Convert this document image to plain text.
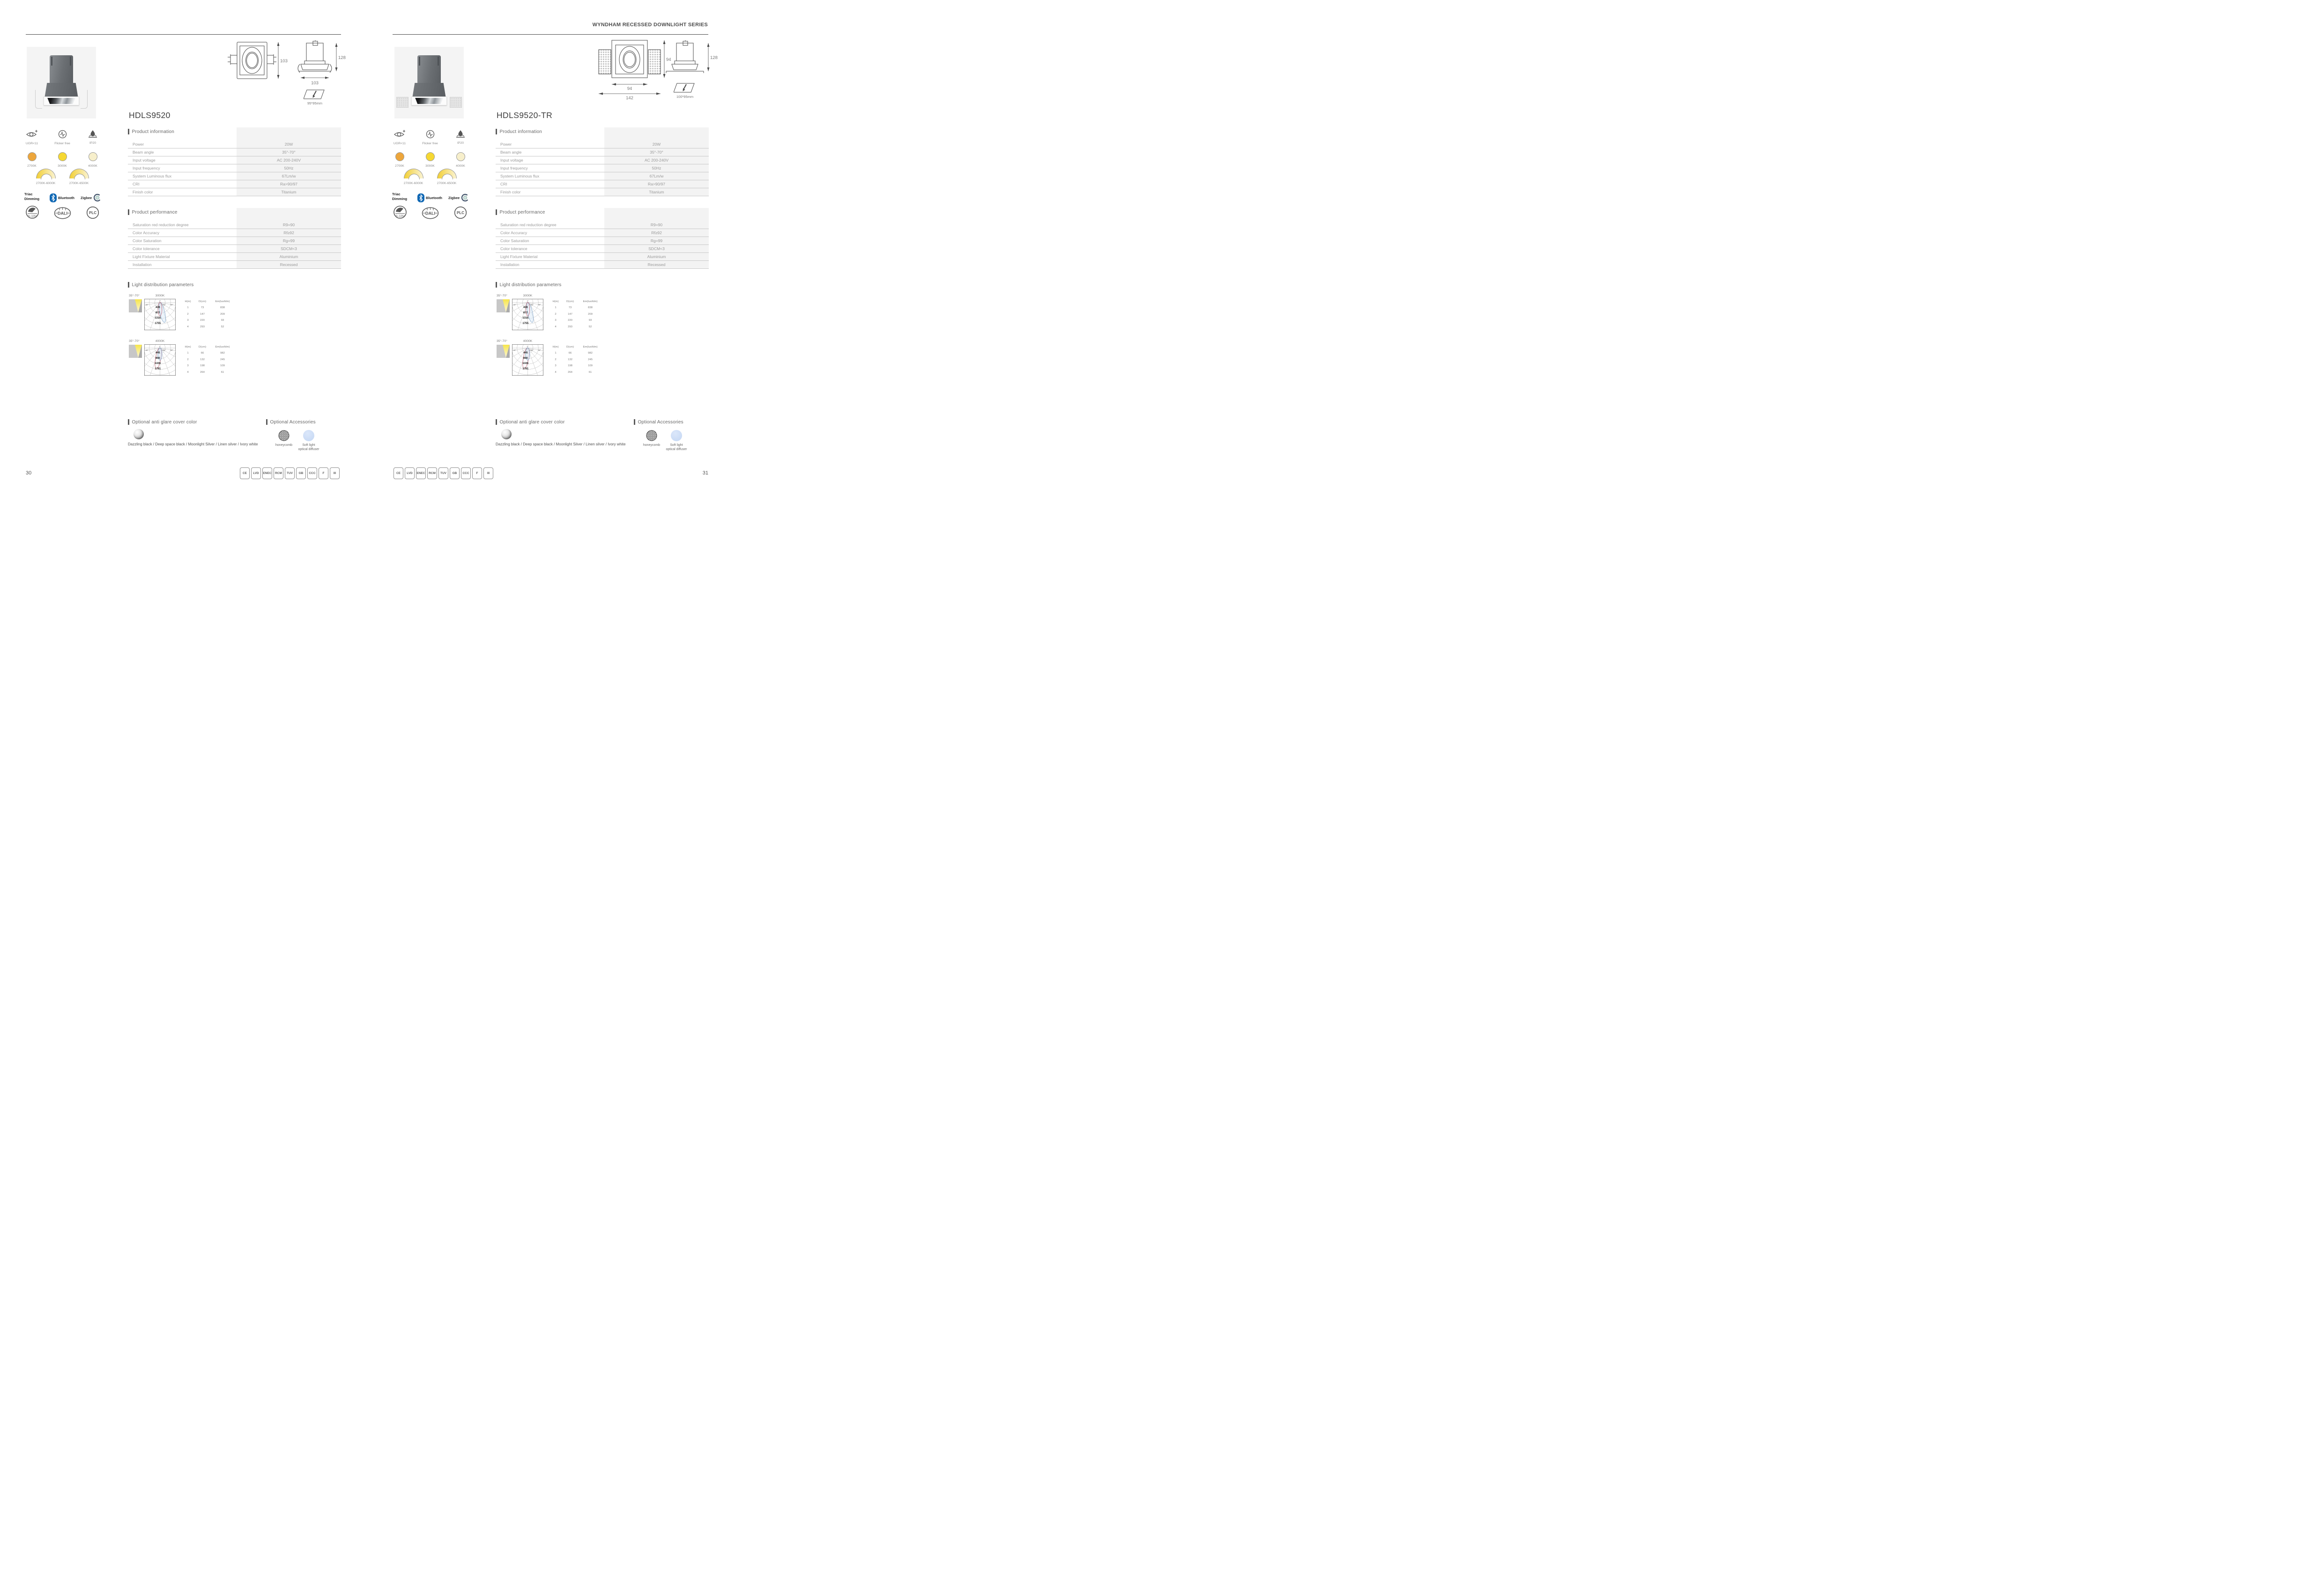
WYNDHAM RECESSED DOWNLIGHT SERIES
103
128
103
95*95mm
HDLS9520
UGR<11	Flicker free	IP20
2700K	3000K	4000K
2700K-6000K	2700K-6500K
Triac
Dimming	Bluetooth Zigbee
0~10V
DALI	PLC
Product information
Power	20W
Beam angle	35°-70°
Input voltage	AC 200-240V
Input frequency	50Hz
System Luminous flux	67Lm/w
CRI	Ra>90/97
Finish color	Titanium
Product performance
Saturation red reduction degree	R9=90
Color Accuracy	Rf≥92
Color Saturation	Rg=99
Color tolerance	SDCM<3
Light Fixture Material	Aluminium
Installation	Recessed
Light distribution parameters
35°-70°	3000K
90°	180° 90°
0°
438
877
1316
1755
H(m)	D(cm)	Em(lux/klm)
1	73	838
2	147	209
3	220	93
4	293	52
35°-70°	4000K
90°	180° 90°
0°
445
890
1336
1781
H(m)	D(cm)	Em(lux/klm)
1	66	982
2	132	245
3	198	109
4	264	61
Optional anti glare cover color
Dazzling black / Deep space black / Moonlight Silver / Linen silver / Ivory white
Optional Accessories
honeycomb	Soft light
optical diffuser
CE	LVD	ENEC	RCM	TUV	GB	CCC	F	III
30
94
94
142
128
100*95mm
HDLS9520-TR
UGR<11	Flicker free	IP20
2700K	3000K	4000K
2700K-6000K	2700K-6500K
Triac
Dimming	Bluetooth Zigbee
0~10V
DALI	PLC
Product information
Power	20W
Beam angle	35°-70°
Input voltage	AC 200-240V
Input frequency	50Hz
System Luminous flux	67Lm/w
CRI	Ra>90/97
Finish color	Titanium
Product performance
Saturation red reduction degree	R9=90
Color Accuracy	Rf≥92
Color Saturation	Rg=99
Color tolerance	SDCM<3
Light Fixture Material	Aluminium
Installation	Recessed
Light distribution parameters
35°-70°	3000K
90°	180° 90°
0°
438
877
1316
1755
H(m)	D(cm)	Em(lux/klm)
1	73	838
2	147	209
3	220	93
4	293	52
35°-70°	4000K
90°	180° 90°
0°
445
890
1336
1781
H(m)	D(cm)	Em(lux/klm)
1	66	982
2	132	245
3	198	109
4	264	61
Optional anti glare cover color
Dazzling black / Deep space black / Moonlight Silver / Linen silver / Ivory white
Optional Accessories
honeycomb	Soft light
optical diffuser
CE	LVD	ENEC	RCM	TUV	GB	CCC	F	III	31
